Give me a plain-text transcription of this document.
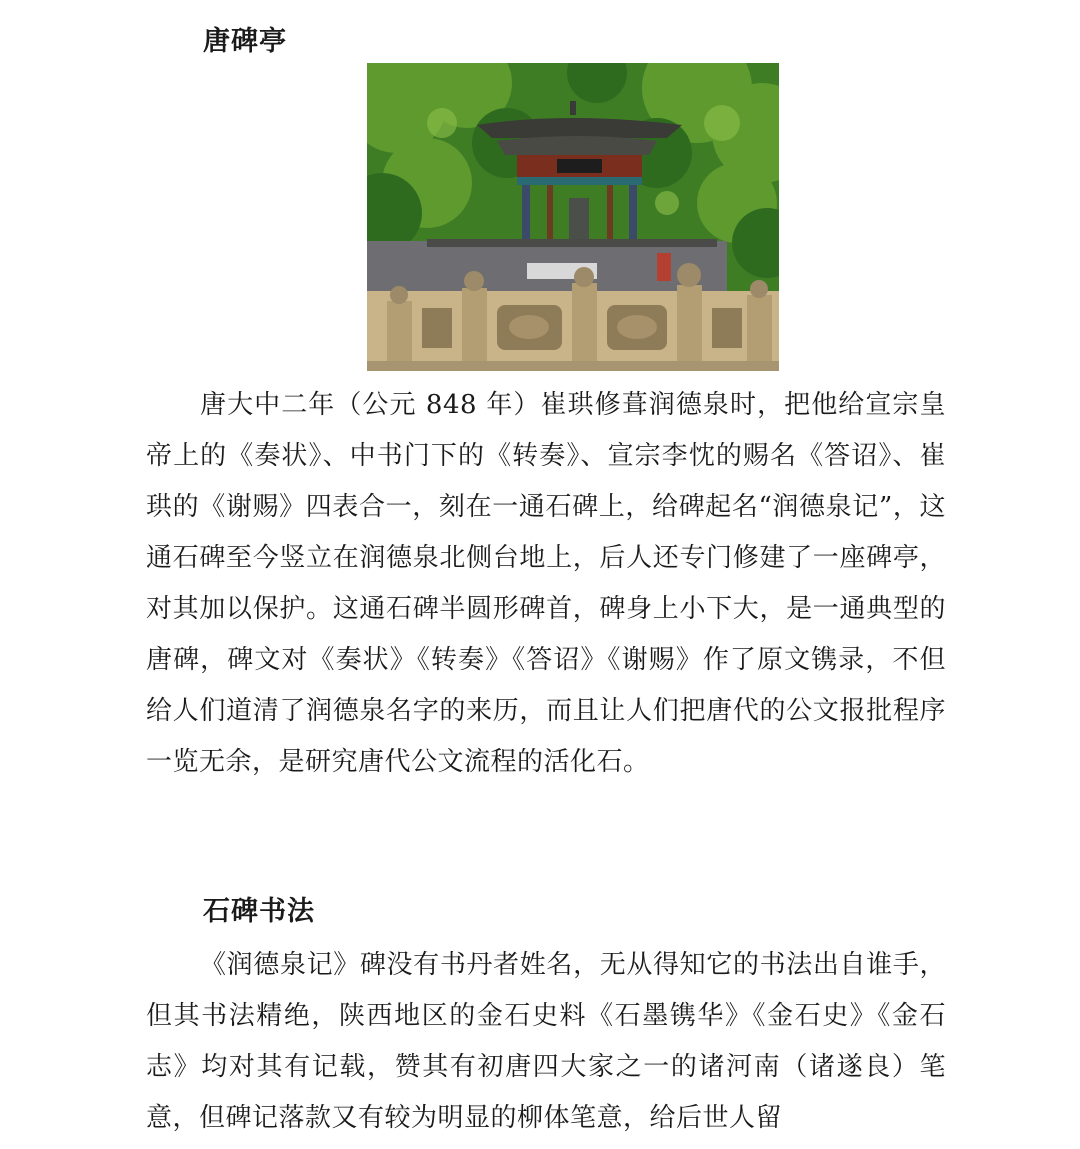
唐碑亭

唐大中二年（公元 848 年）崔珙修葺润德泉时，把他给宣宗皇帝上的《奏状》、中书门下的《转奏》、宣宗李忱的赐名《答诏》、崔珙的《谢赐》四表合一，刻在一通石碑上，给碑起名“润德泉记”，这通石碑至今竖立在润德泉北侧台地上，后人还专门修建了一座碑亭，对其加以保护。这通石碑半圆形碑首，碑身上小下大，是一通典型的唐碑，碑文对《奏状》《转奏》《答诏》《谢赐》作了原文镌录，不但给人们道清了润德泉名字的来历，而且让人们把唐代的公文报批程序一览无余，是研究唐代公文流程的活化石。

石碑书法

《润德泉记》碑没有书丹者姓名，无从得知它的书法出自谁手，但其书法精绝，陕西地区的金石史料《石墨镌华》《金石史》《金石志》均对其有记载，赞其有初唐四大家之一的诸河南（诸遂良）笔意，但碑记落款又有较为明显的柳体笔意，给后世人留
